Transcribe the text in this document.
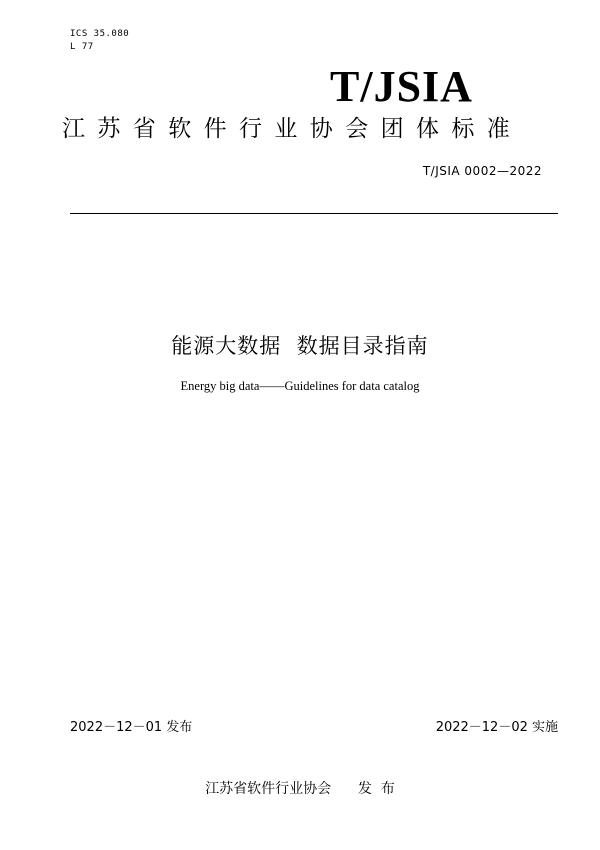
ICS 35.080
L 77
T/JSIA
江苏省软件行业协会团体标准
T/JSIA 0002—2022
能源大数据  数据目录指南
Energy big data——Guidelines for data catalog
2022－12－01 发布	2022－12－02 实施
江苏省软件行业协会      发  布
